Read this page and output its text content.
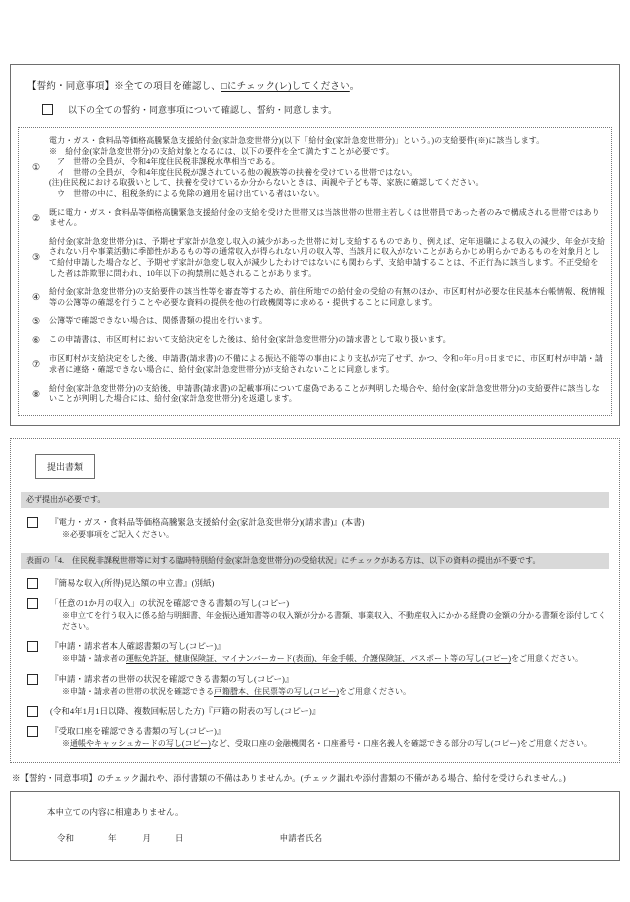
【誓約・同意事項】※全ての項目を確認し、□にチェック(レ)してください。
以下の全ての誓約・同意事項について確認し、誓約・同意します。
①
電力・ガス・食料品等価格高騰緊急支援給付金(家計急変世帯分)(以下「給付金(家計急変世帯分)」という。)の支給要件(※)に該当します。
※　給付金(家計急変世帯分)の支給対象となるには、以下の要件を全て満たすことが必要です。
ア　世帯の全員が、令和4年度住民税非課税水準相当である。
イ　世帯の全員が、令和4年度住民税が課されている他の親族等の扶養を受けている世帯ではない。
(注)住民税における取扱いとして、扶養を受けているか分からないときは、両親や子ども等、家族に確認してください。
ウ　世帯の中に、租税条約による免除の適用を届け出ている者はいない。
②
既に電力・ガス・食料品等価格高騰緊急支援給付金の支給を受けた世帯又は当該世帯の世帯主若しくは世帯員であった者のみで構成される世帯ではありません。
③
給付金(家計急変世帯分)は、予期せず家計が急変し収入の減少があった世帯に対し支給するものであり、例えば、定年退職による収入の減少、年金が支給されない月や事業活動に季節性があるもの等の通常収入が得られない月の収入等、当該月に収入がないことがあらかじめ明らかであるものを対象月として給付申請した場合など、予期せず家計が急変し収入が減少したわけではないにも関わらず、支給申請することは、不正行為に該当します。不正受給をした者は詐欺罪に問われ、10年以下の拘禁刑に処されることがあります。
④
給付金(家計急変世帯分)の支給要件の該当性等を審査等するため、前住所地での給付金の受給の有無のほか、市区町村が必要な住民基本台帳情報、税情報等の公簿等の確認を行うことや必要な資料の提供を他の行政機関等に求める・提供することに同意します。
⑤	公簿等で確認できない場合は、関係書類の提出を行います。
⑥	この申請書は、市区町村において支給決定をした後は、給付金(家計急変世帯分)の請求書として取り扱います。
⑦
市区町村が支給決定をした後、申請書(請求書)の不備による振込不能等の事由により支払が完了せず、かつ、令和○年○月○日までに、市区町村が申請・請求者に連絡・確認できない場合に、給付金(家計急変世帯分)が支給されないことに同意します。
⑧
給付金(家計急変世帯分)の支給後、申請書(請求書)の記載事項について虚偽であることが判明した場合や、給付金(家計急変世帯分)の支給要件に該当しないことが判明した場合には、給付金(家計急変世帯分)を返還します。
提出書類
必ず提出が必要です。
『電力・ガス・食料品等価格高騰緊急支援給付金(家計急変世帯分)(請求書)』(本書)
※必要事項をご記入ください。
表面の「4.　住民税非課税世帯等に対する臨時特別給付金(家計急変世帯分)の受給状況」にチェックがある方は、以下の資料の提出が不要です。
『簡易な収入(所得)見込額の申立書』(別紙)
「任意の1か月の収入」の状況を確認できる書類の写し(コピー)
※申立てを行う収入に係る給与明細書、年金振込通知書等の収入額が分かる書類、事業収入、不動産収入にかかる経費の金額の分かる書類を添付してください。
『申請・請求者本人確認書類の写し(コピー)』
※申請・請求者の運転免許証、健康保険証、マイナンバーカード(表面)、年金手帳、介護保険証、パスポート等の写し(コピー)をご用意ください。
『申請・請求者の世帯の状況を確認できる書類の写し(コピー)』
※申請・請求者の世帯の状況を確認できる戸籍謄本、住民票等の写し(コピー)をご用意ください。
(令和4年1月1日以降、複数回転居した方)『戸籍の附表の写し(コピー)』
『受取口座を確認できる書類の写し(コピー)』
※通帳やキャッシュカードの写し(コピー)など、受取口座の金融機関名・口座番号・口座名義人を確認できる部分の写し(コピー)をご用意ください。
※【誓約・同意事項】のチェック漏れや、添付書類の不備はありませんか。(チェック漏れや添付書類の不備がある場合、給付を受けられません。)
本申立ての内容に相違ありません。
令和	年	月	日	申請者氏名
